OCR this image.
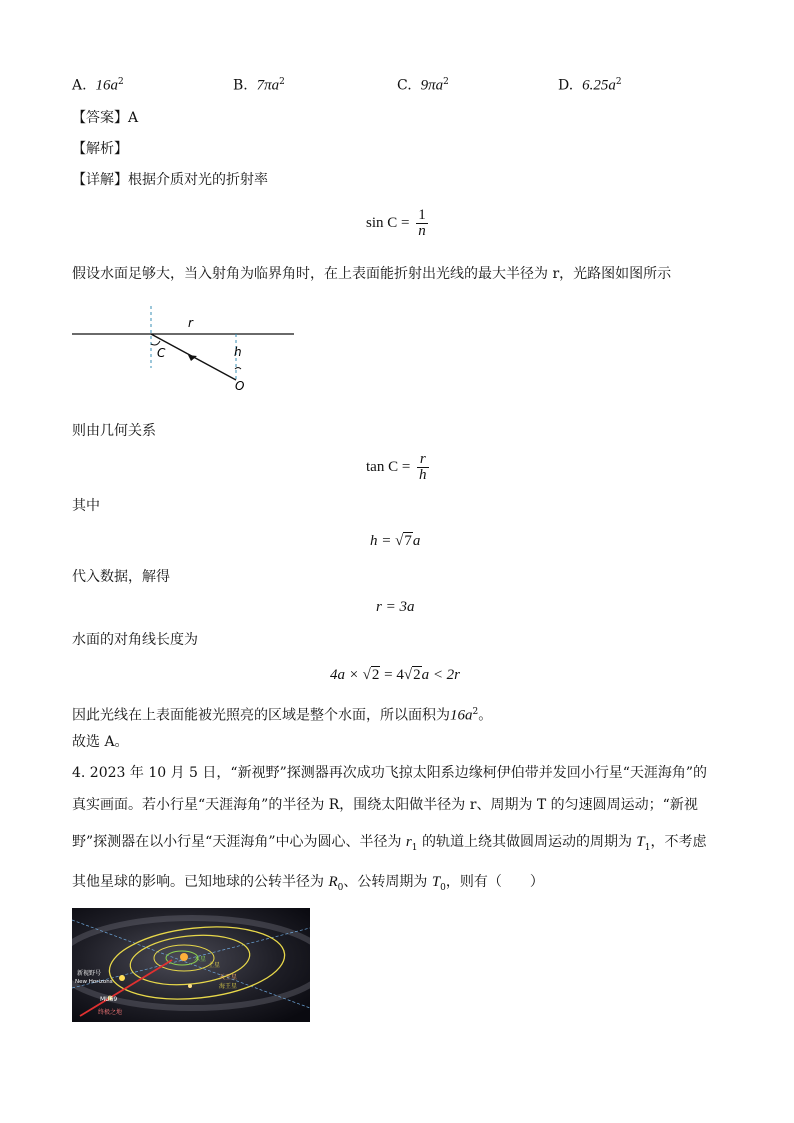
A. $16a^2$	B. $7\pi a^2$	C. $9\pi a^2$	D. $6.25a^2$
【答案】A
【解析】
【详解】根据介质对光的折射率
$\sin C = \frac{1}{n}$
假设水面足够大，当入射角为临界角时，在上表面能折射出光线的最大半径为 r，光路图如图所示
r
C	h
O
则由几何关系
$\tan C = \frac{r}{h}$
其中
h = √7a
代入数据，解得
r = 3a
水面的对角线长度为
4a × √2 = 4√2a < 2r
因此光线在上表面能被光照亮的区域是整个水面，所以面积为$16a^2$。
故选 A。
4. 2023 年 10 月 5 日，“新视野”探测器再次成功飞掠太阳系边缘柯伊伯带并发回小行星“天涯海角”的
真实画面。若小行星“天涯海角”的半径为 R，围绕太阳做半径为 r、周期为 T 的匀速圆周运动；“新视
野”探测器在以小行星“天涯海角”中心为圆心、半径为 $r_1$ 的轨道上绕其做圆周运动的周期为 $T_1$，不考虑
其他星球的影响。已知地球的公转半径为 $R_0$、公转周期为 $T_0$，则有（　　）
木星
土星
天王星
海王星
新视野号
New Horizons
MU69
终极之地
